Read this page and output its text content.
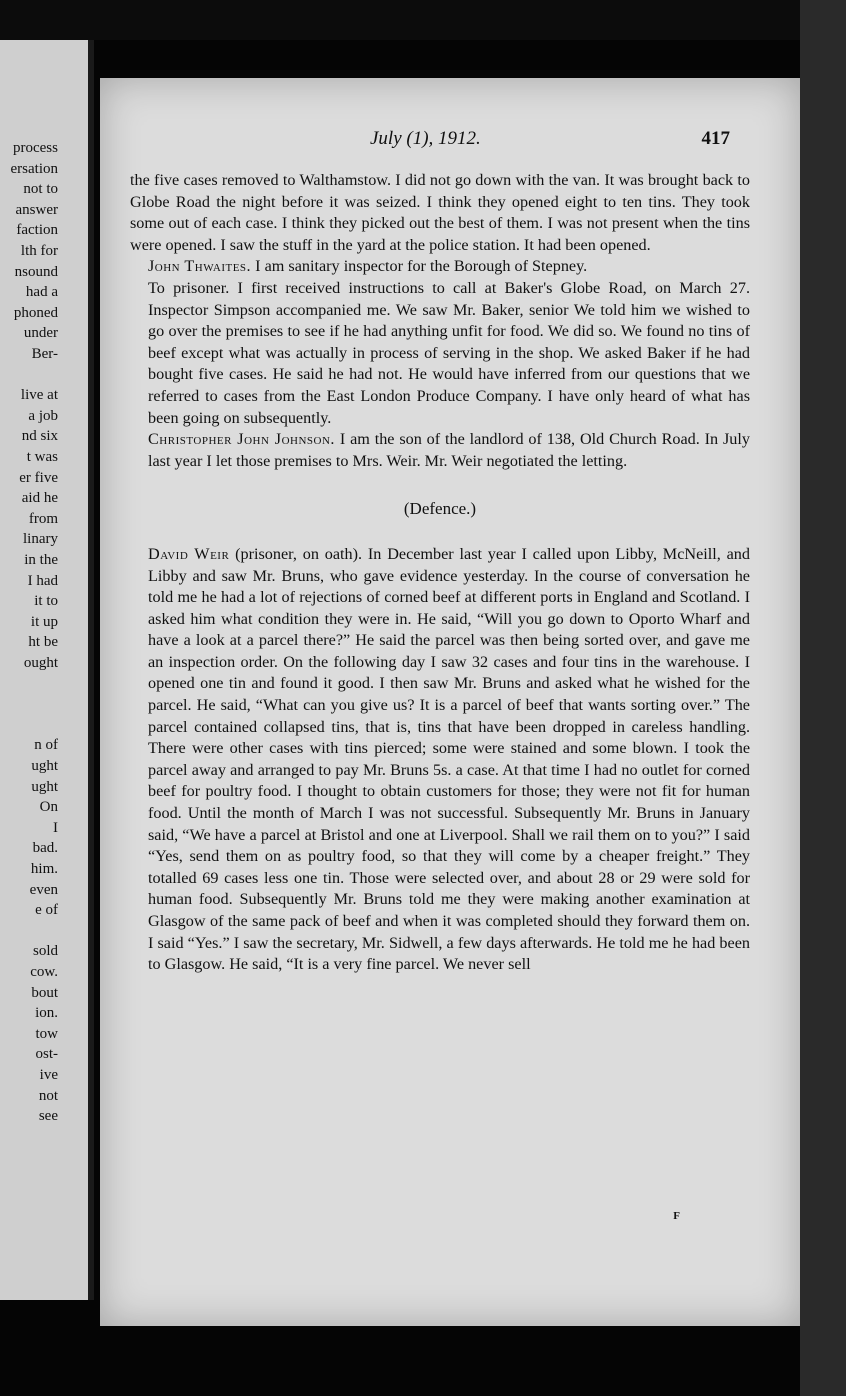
process
ersation
not to
answer
faction
lth for
nsound
had a
phoned
under
Ber-
live at
a job
nd six
t was
er five
aid he
from
linary
in the
I had
it to
it up
ht be
ought
n of
ught
ught
On
I
bad.
him.
even
e of
sold
cow.
bout
ion.
tow
ost-
ive
not
see
July (1), 1912.	417

the five cases removed to Walthamstow. I did not go down with the van. It was brought back to Globe Road the night before it was seized. I think they opened eight to ten tins. They took some out of each case. I think they picked out the best of them. I was not present when the tins were opened. I saw the stuff in the yard at the police station. It had been opened.

John Thwaites. I am sanitary inspector for the Borough of Stepney.

To prisoner. I first received instructions to call at Baker's Globe Road, on March 27. Inspector Simpson accompanied me. We saw Mr. Baker, senior We told him we wished to go over the premises to see if he had anything unfit for food. We did so. We found no tins of beef except what was actually in process of serving in the shop. We asked Baker if he had bought five cases. He said he had not. He would have inferred from our questions that we referred to cases from the East London Produce Company. I have only heard of what has been going on subsequently.

Christopher John Johnson. I am the son of the landlord of 138, Old Church Road. In July last year I let those premises to Mrs. Weir. Mr. Weir negotiated the letting.

(Defence.)

David Weir (prisoner, on oath). In December last year I called upon Libby, McNeill, and Libby and saw Mr. Bruns, who gave evidence yesterday. In the course of conversation he told me he had a lot of rejections of corned beef at different ports in England and Scotland. I asked him what condition they were in. He said, “Will you go down to Oporto Wharf and have a look at a parcel there?” He said the parcel was then being sorted over, and gave me an inspection order. On the following day I saw 32 cases and four tins in the warehouse. I opened one tin and found it good. I then saw Mr. Bruns and asked what he wished for the parcel. He said, “What can you give us? It is a parcel of beef that wants sorting over.” The parcel contained collapsed tins, that is, tins that have been dropped in careless handling. There were other cases with tins pierced; some were stained and some blown. I took the parcel away and arranged to pay Mr. Bruns 5s. a case. At that time I had no outlet for corned beef for poultry food. I thought to obtain customers for those; they were not fit for human food. Until the month of March I was not successful. Subsequently Mr. Bruns in January said, “We have a parcel at Bristol and one at Liverpool. Shall we rail them on to you?” I said “Yes, send them on as poultry food, so that they will come by a cheaper freight.” They totalled 69 cases less one tin. Those were selected over, and about 28 or 29 were sold for human food. Subsequently Mr. Bruns told me they were making another examination at Glasgow of the same pack of beef and when it was completed should they forward them on. I said “Yes.” I saw the secretary, Mr. Sidwell, a few days afterwards. He told me he had been to Glasgow. He said, “It is a very fine parcel. We never sell

F
